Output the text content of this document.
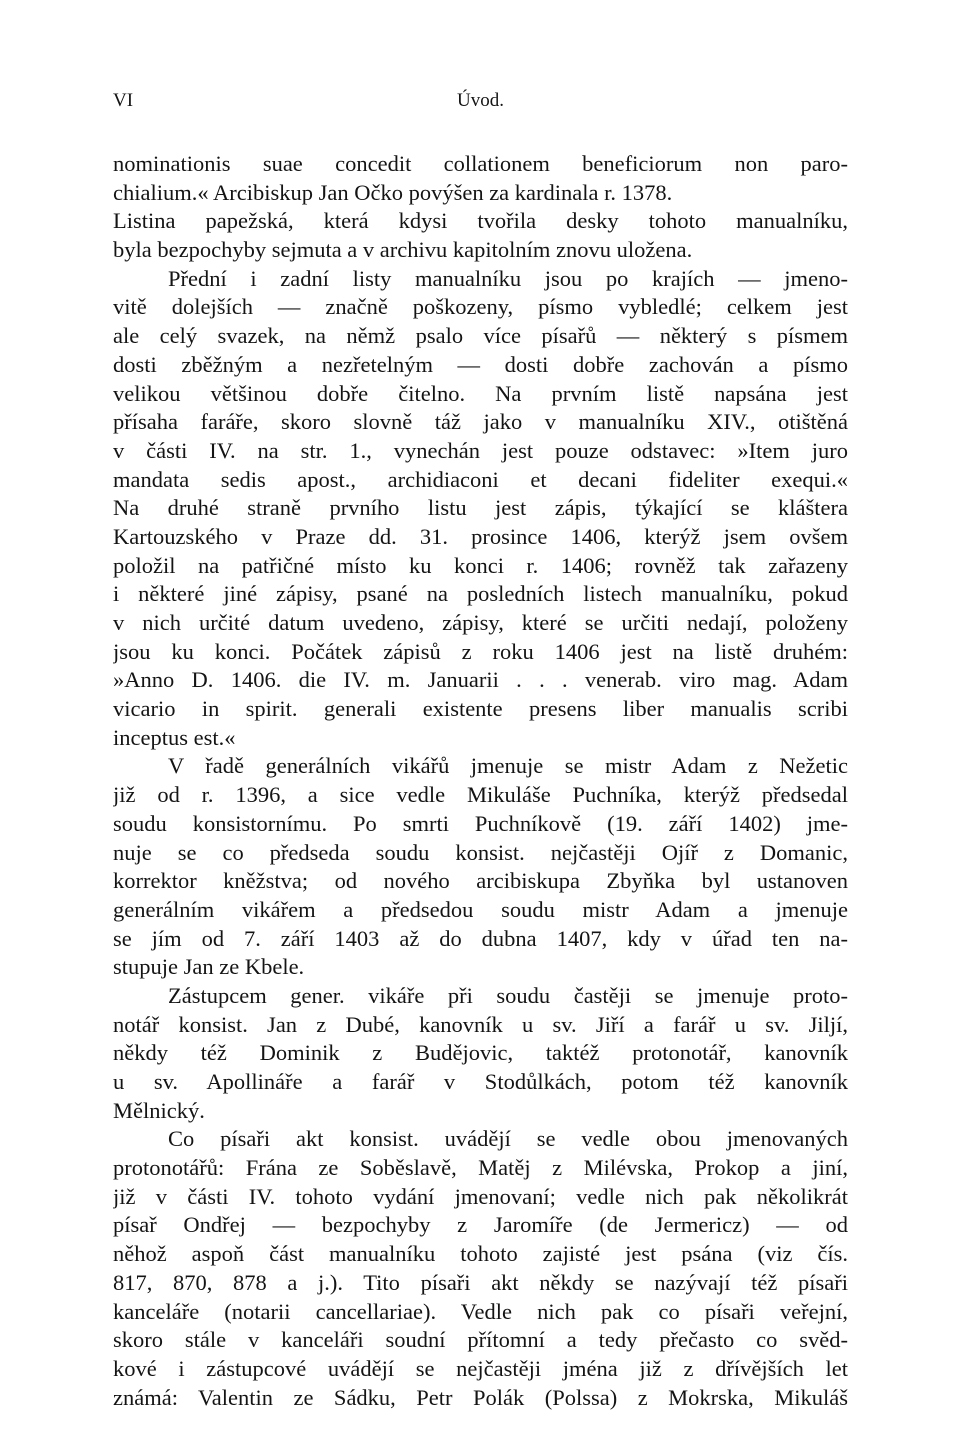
VI	Úvod.
nominationis suae concedit collationem beneficiorum non paro-
chialium.« Arcibiskup Jan Očko povýšen za kardinala r. 1378.
Listina papežská, která kdysi tvořila desky tohoto manualníku,
byla bezpochyby sejmuta a v archivu kapitolním znovu uložena.
Přední i zadní listy manualníku jsou po krajích — jmeno-
vitě dolejších — značně poškozeny, písmo vybledlé; celkem jest
ale celý svazek, na němž psalo více písařů — některý s písmem
dosti zběžným a nezřetelným — dosti dobře zachován a písmo
velikou většinou dobře čitelno. Na prvním listě napsána jest
přísaha faráře, skoro slovně táž jako v manualníku XIV., otištěná
v části IV. na str. 1., vynechán jest pouze odstavec: »Item juro
mandata sedis apost., archidiaconi et decani fideliter exequi.«
Na druhé straně prvního listu jest zápis, týkající se kláštera
Kartouzského v Praze dd. 31. prosince 1406, kterýž jsem ovšem
položil na patřičné místo ku konci r. 1406; rovněž tak zařazeny
i některé jiné zápisy, psané na posledních listech manualníku, pokud
v nich určité datum uvedeno, zápisy, které se určiti nedají, položeny
jsou ku konci. Počátek zápisů z roku 1406 jest na listě druhém:
»Anno D. 1406. die IV. m. Januarii . . . venerab. viro mag. Adam
vicario in spirit. generali existente presens liber manualis scribi
inceptus est.«
V řadě generálních vikářů jmenuje se mistr Adam z Nežetic
již od r. 1396, a sice vedle Mikuláše Puchníka, kterýž předsedal
soudu konsistornímu. Po smrti Puchníkově (19. září 1402) jme-
nuje se co předseda soudu konsist. nejčastěji Ojíř z Domanic,
korrektor kněžstva; od nového arcibiskupa Zbyňka byl ustanoven
generálním vikářem a předsedou soudu mistr Adam a jmenuje
se jím od 7. září 1403 až do dubna 1407, kdy v úřad ten na-
stupuje Jan ze Kbele.
Zástupcem gener. vikáře při soudu častěji se jmenuje proto-
notář konsist. Jan z Dubé, kanovník u sv. Jiří a farář u sv. Jiljí,
někdy též Dominik z Budějovic, taktéž protonotář, kanovník
u sv. Apollináře a farář v Stodůlkách, potom též kanovník
Mělnický.
Co písaři akt konsist. uvádějí se vedle obou jmenovaných
protonotářů: Frána ze Soběslavě, Matěj z Milévska, Prokop a jiní,
již v části IV. tohoto vydání jmenovaní; vedle nich pak několikrát
písař Ondřej — bezpochyby z Jaromíře (de Jermericz) — od
něhož aspoň část manualníku tohoto zajisté jest psána (viz čís.
817, 870, 878 a j.). Tito písaři akt někdy se nazývají též písaři
kanceláře (notarii cancellariae). Vedle nich pak co písaři veřejní,
skoro stále v kanceláři soudní přítomní a tedy přečasto co svěd-
kové i zástupcové uvádějí se nejčastěji jména již z dřívějších let
známá: Valentin ze Sádku, Petr Polák (Polssa) z Mokrska, Mikuláš
